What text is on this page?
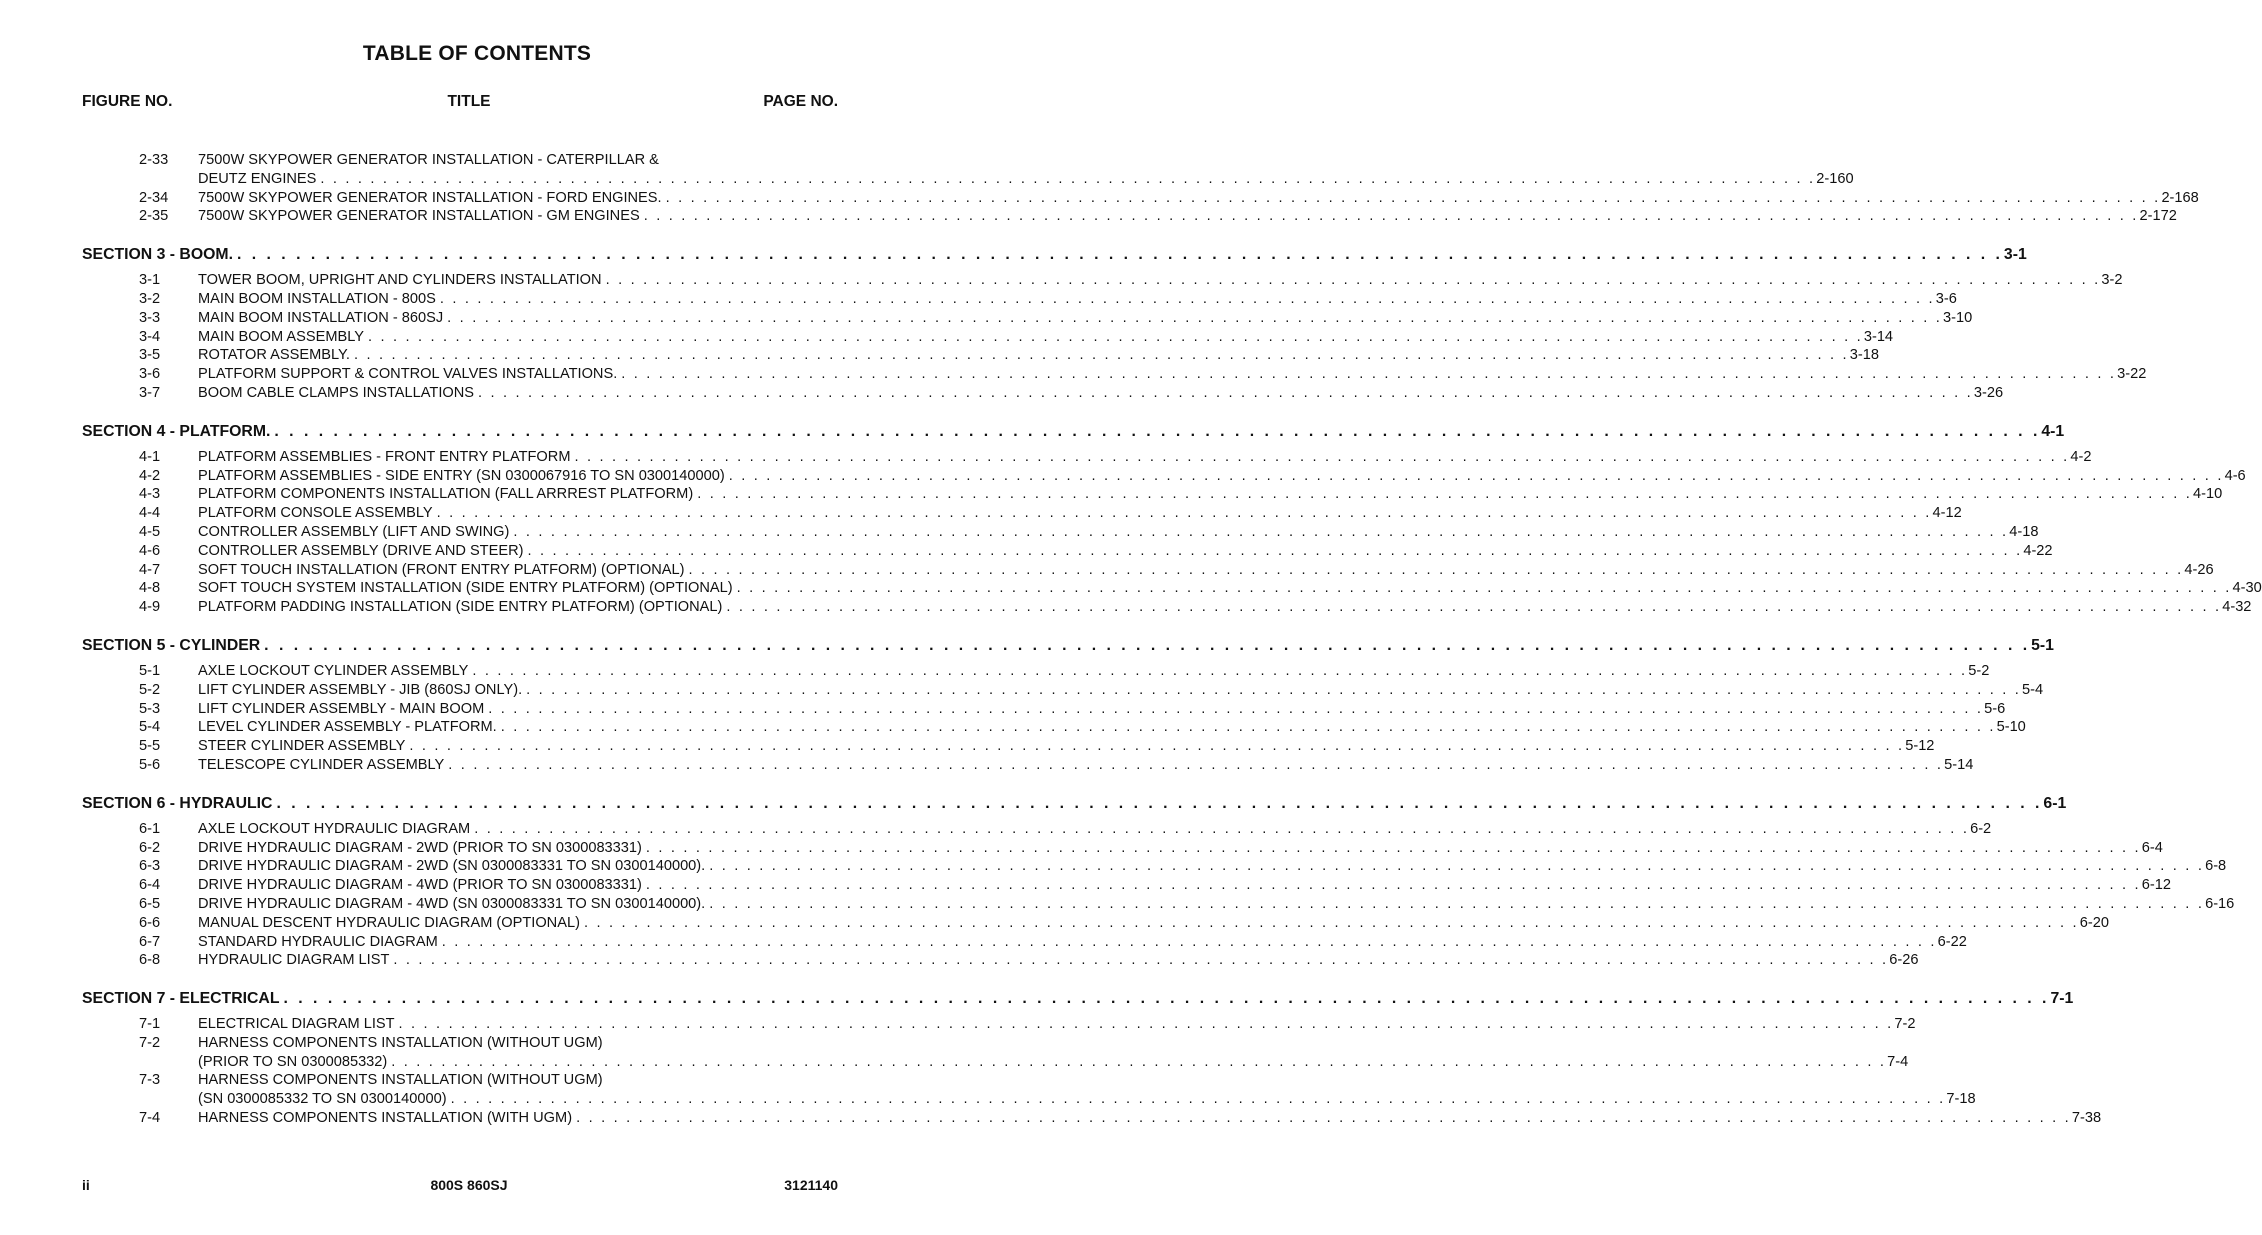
TABLE OF CONTENTS
FIGURE NO.	TITLE	PAGE NO.
2-33	7500W SKYPOWER GENERATOR INSTALLATION - CATERPILLAR &
DEUTZ ENGINES . . . . . . . . . . . . . . . . . . . . . . . . . . . . . . . . . . . . . . . . . . . . . . . . . . . . . . . . . . . . . . . . . . . . . . . . . . . . . . . . . . . . . . . . . . . . . . . . . . . . . . . . . . . . . . . . . . . . . . . . 2-160
2-34	7500W SKYPOWER GENERATOR INSTALLATION - FORD ENGINES. . . . . . . . . . . . . . . . . . . . . . . . . . . . . . . . . . . . . . . . . . . . . . . . . . . . . . . . . . . . . . . . . . . . . . . . . . . . . . . . . . . . . . . . . . . . . . . . . . . . . . . . . . . . . . . . . . . . . . . . . 2-168
2-35	7500W SKYPOWER GENERATOR INSTALLATION - GM ENGINES . . . . . . . . . . . . . . . . . . . . . . . . . . . . . . . . . . . . . . . . . . . . . . . . . . . . . . . . . . . . . . . . . . . . . . . . . . . . . . . . . . . . . . . . . . . . . . . . . . . . . . . . . . . . . . . . . . . . . . . . 2-172
SECTION 3 - BOOM. . . . . . . . . . . . . . . . . . . . . . . . . . . . . . . . . . . . . . . . . . . . . . . . . . . . . . . . . . . . . . . . . . . . . . . . . . . . . . . . . . . . . . . . . . . . . . . . . . . . . . . . . . . . . . . . . . . . . . . . . 3-1
3-1	TOWER BOOM, UPRIGHT AND CYLINDERS INSTALLATION . . . . . . . . . . . . . . . . . . . . . . . . . . . . . . . . . . . . . . . . . . . . . . . . . . . . . . . . . . . . . . . . . . . . . . . . . . . . . . . . . . . . . . . . . . . . . . . . . . . . . . . . . . . . . . . . . . . . . . . . 3-2
3-2	MAIN BOOM INSTALLATION - 800S . . . . . . . . . . . . . . . . . . . . . . . . . . . . . . . . . . . . . . . . . . . . . . . . . . . . . . . . . . . . . . . . . . . . . . . . . . . . . . . . . . . . . . . . . . . . . . . . . . . . . . . . . . . . . . . . . . . . . . . . 3-6
3-3	MAIN BOOM INSTALLATION - 860SJ . . . . . . . . . . . . . . . . . . . . . . . . . . . . . . . . . . . . . . . . . . . . . . . . . . . . . . . . . . . . . . . . . . . . . . . . . . . . . . . . . . . . . . . . . . . . . . . . . . . . . . . . . . . . . . . . . . . . . . . . 3-10
3-4	MAIN BOOM ASSEMBLY . . . . . . . . . . . . . . . . . . . . . . . . . . . . . . . . . . . . . . . . . . . . . . . . . . . . . . . . . . . . . . . . . . . . . . . . . . . . . . . . . . . . . . . . . . . . . . . . . . . . . . . . . . . . . . . . . . . . . . . . 3-14
3-5	ROTATOR ASSEMBLY. . . . . . . . . . . . . . . . . . . . . . . . . . . . . . . . . . . . . . . . . . . . . . . . . . . . . . . . . . . . . . . . . . . . . . . . . . . . . . . . . . . . . . . . . . . . . . . . . . . . . . . . . . . . . . . . . . . . . . . . . 3-18
3-6	PLATFORM SUPPORT & CONTROL VALVES INSTALLATIONS. . . . . . . . . . . . . . . . . . . . . . . . . . . . . . . . . . . . . . . . . . . . . . . . . . . . . . . . . . . . . . . . . . . . . . . . . . . . . . . . . . . . . . . . . . . . . . . . . . . . . . . . . . . . . . . . . . . . . . . . . 3-22
3-7	BOOM CABLE CLAMPS INSTALLATIONS . . . . . . . . . . . . . . . . . . . . . . . . . . . . . . . . . . . . . . . . . . . . . . . . . . . . . . . . . . . . . . . . . . . . . . . . . . . . . . . . . . . . . . . . . . . . . . . . . . . . . . . . . . . . . . . . . . . . . . . . 3-26
SECTION 4 - PLATFORM. . . . . . . . . . . . . . . . . . . . . . . . . . . . . . . . . . . . . . . . . . . . . . . . . . . . . . . . . . . . . . . . . . . . . . . . . . . . . . . . . . . . . . . . . . . . . . . . . . . . . . . . . . . . . . . . . . . . . . . . . 4-1
4-1	PLATFORM ASSEMBLIES - FRONT ENTRY PLATFORM . . . . . . . . . . . . . . . . . . . . . . . . . . . . . . . . . . . . . . . . . . . . . . . . . . . . . . . . . . . . . . . . . . . . . . . . . . . . . . . . . . . . . . . . . . . . . . . . . . . . . . . . . . . . . . . . . . . . . . . . 4-2
4-2	PLATFORM ASSEMBLIES - SIDE ENTRY (SN 0300067916 TO SN 0300140000) . . . . . . . . . . . . . . . . . . . . . . . . . . . . . . . . . . . . . . . . . . . . . . . . . . . . . . . . . . . . . . . . . . . . . . . . . . . . . . . . . . . . . . . . . . . . . . . . . . . . . . . . . . . . . . . . . . . . . . . . 4-6
4-3	PLATFORM COMPONENTS INSTALLATION (FALL ARRREST PLATFORM) . . . . . . . . . . . . . . . . . . . . . . . . . . . . . . . . . . . . . . . . . . . . . . . . . . . . . . . . . . . . . . . . . . . . . . . . . . . . . . . . . . . . . . . . . . . . . . . . . . . . . . . . . . . . . . . . . . . . . . . . 4-10
4-4	PLATFORM CONSOLE ASSEMBLY . . . . . . . . . . . . . . . . . . . . . . . . . . . . . . . . . . . . . . . . . . . . . . . . . . . . . . . . . . . . . . . . . . . . . . . . . . . . . . . . . . . . . . . . . . . . . . . . . . . . . . . . . . . . . . . . . . . . . . . . 4-12
4-5	CONTROLLER ASSEMBLY (LIFT AND SWING) . . . . . . . . . . . . . . . . . . . . . . . . . . . . . . . . . . . . . . . . . . . . . . . . . . . . . . . . . . . . . . . . . . . . . . . . . . . . . . . . . . . . . . . . . . . . . . . . . . . . . . . . . . . . . . . . . . . . . . . . 4-18
4-6	CONTROLLER ASSEMBLY (DRIVE AND STEER) . . . . . . . . . . . . . . . . . . . . . . . . . . . . . . . . . . . . . . . . . . . . . . . . . . . . . . . . . . . . . . . . . . . . . . . . . . . . . . . . . . . . . . . . . . . . . . . . . . . . . . . . . . . . . . . . . . . . . . . . 4-22
4-7	SOFT TOUCH INSTALLATION (FRONT ENTRY PLATFORM) (OPTIONAL) . . . . . . . . . . . . . . . . . . . . . . . . . . . . . . . . . . . . . . . . . . . . . . . . . . . . . . . . . . . . . . . . . . . . . . . . . . . . . . . . . . . . . . . . . . . . . . . . . . . . . . . . . . . . . . . . . . . . . . . . 4-26
4-8	SOFT TOUCH SYSTEM INSTALLATION (SIDE ENTRY PLATFORM) (OPTIONAL) . . . . . . . . . . . . . . . . . . . . . . . . . . . . . . . . . . . . . . . . . . . . . . . . . . . . . . . . . . . . . . . . . . . . . . . . . . . . . . . . . . . . . . . . . . . . . . . . . . . . . . . . . . . . . . . . . . . . . . . . 4-30
4-9	PLATFORM PADDING INSTALLATION (SIDE ENTRY PLATFORM) (OPTIONAL) . . . . . . . . . . . . . . . . . . . . . . . . . . . . . . . . . . . . . . . . . . . . . . . . . . . . . . . . . . . . . . . . . . . . . . . . . . . . . . . . . . . . . . . . . . . . . . . . . . . . . . . . . . . . . . . . . . . . . . . . 4-32
SECTION 5 - CYLINDER . . . . . . . . . . . . . . . . . . . . . . . . . . . . . . . . . . . . . . . . . . . . . . . . . . . . . . . . . . . . . . . . . . . . . . . . . . . . . . . . . . . . . . . . . . . . . . . . . . . . . . . . . . . . . . . . . . . . . . . . 5-1
5-1	AXLE LOCKOUT CYLINDER ASSEMBLY . . . . . . . . . . . . . . . . . . . . . . . . . . . . . . . . . . . . . . . . . . . . . . . . . . . . . . . . . . . . . . . . . . . . . . . . . . . . . . . . . . . . . . . . . . . . . . . . . . . . . . . . . . . . . . . . . . . . . . . . 5-2
5-2	LIFT CYLINDER ASSEMBLY - JIB (860SJ ONLY). . . . . . . . . . . . . . . . . . . . . . . . . . . . . . . . . . . . . . . . . . . . . . . . . . . . . . . . . . . . . . . . . . . . . . . . . . . . . . . . . . . . . . . . . . . . . . . . . . . . . . . . . . . . . . . . . . . . . . . . . 5-4
5-3	LIFT CYLINDER ASSEMBLY - MAIN BOOM . . . . . . . . . . . . . . . . . . . . . . . . . . . . . . . . . . . . . . . . . . . . . . . . . . . . . . . . . . . . . . . . . . . . . . . . . . . . . . . . . . . . . . . . . . . . . . . . . . . . . . . . . . . . . . . . . . . . . . . . 5-6
5-4	LEVEL CYLINDER ASSEMBLY - PLATFORM. . . . . . . . . . . . . . . . . . . . . . . . . . . . . . . . . . . . . . . . . . . . . . . . . . . . . . . . . . . . . . . . . . . . . . . . . . . . . . . . . . . . . . . . . . . . . . . . . . . . . . . . . . . . . . . . . . . . . . . . . 5-10
5-5	STEER CYLINDER ASSEMBLY . . . . . . . . . . . . . . . . . . . . . . . . . . . . . . . . . . . . . . . . . . . . . . . . . . . . . . . . . . . . . . . . . . . . . . . . . . . . . . . . . . . . . . . . . . . . . . . . . . . . . . . . . . . . . . . . . . . . . . . . 5-12
5-6	TELESCOPE CYLINDER ASSEMBLY . . . . . . . . . . . . . . . . . . . . . . . . . . . . . . . . . . . . . . . . . . . . . . . . . . . . . . . . . . . . . . . . . . . . . . . . . . . . . . . . . . . . . . . . . . . . . . . . . . . . . . . . . . . . . . . . . . . . . . . . 5-14
SECTION 6 - HYDRAULIC . . . . . . . . . . . . . . . . . . . . . . . . . . . . . . . . . . . . . . . . . . . . . . . . . . . . . . . . . . . . . . . . . . . . . . . . . . . . . . . . . . . . . . . . . . . . . . . . . . . . . . . . . . . . . . . . . . . . . . . . 6-1
6-1	AXLE LOCKOUT HYDRAULIC DIAGRAM . . . . . . . . . . . . . . . . . . . . . . . . . . . . . . . . . . . . . . . . . . . . . . . . . . . . . . . . . . . . . . . . . . . . . . . . . . . . . . . . . . . . . . . . . . . . . . . . . . . . . . . . . . . . . . . . . . . . . . . . 6-2
6-2	DRIVE HYDRAULIC DIAGRAM - 2WD (PRIOR TO SN 0300083331) . . . . . . . . . . . . . . . . . . . . . . . . . . . . . . . . . . . . . . . . . . . . . . . . . . . . . . . . . . . . . . . . . . . . . . . . . . . . . . . . . . . . . . . . . . . . . . . . . . . . . . . . . . . . . . . . . . . . . . . . 6-4
6-3	DRIVE HYDRAULIC DIAGRAM - 2WD (SN 0300083331 TO SN 0300140000). . . . . . . . . . . . . . . . . . . . . . . . . . . . . . . . . . . . . . . . . . . . . . . . . . . . . . . . . . . . . . . . . . . . . . . . . . . . . . . . . . . . . . . . . . . . . . . . . . . . . . . . . . . . . . . . . . . . . . . . . 6-8
6-4	DRIVE HYDRAULIC DIAGRAM - 4WD (PRIOR TO SN 0300083331) . . . . . . . . . . . . . . . . . . . . . . . . . . . . . . . . . . . . . . . . . . . . . . . . . . . . . . . . . . . . . . . . . . . . . . . . . . . . . . . . . . . . . . . . . . . . . . . . . . . . . . . . . . . . . . . . . . . . . . . . 6-12
6-5	DRIVE HYDRAULIC DIAGRAM - 4WD (SN 0300083331 TO SN 0300140000). . . . . . . . . . . . . . . . . . . . . . . . . . . . . . . . . . . . . . . . . . . . . . . . . . . . . . . . . . . . . . . . . . . . . . . . . . . . . . . . . . . . . . . . . . . . . . . . . . . . . . . . . . . . . . . . . . . . . . . . . 6-16
6-6	MANUAL DESCENT HYDRAULIC DIAGRAM (OPTIONAL) . . . . . . . . . . . . . . . . . . . . . . . . . . . . . . . . . . . . . . . . . . . . . . . . . . . . . . . . . . . . . . . . . . . . . . . . . . . . . . . . . . . . . . . . . . . . . . . . . . . . . . . . . . . . . . . . . . . . . . . . 6-20
6-7	STANDARD HYDRAULIC DIAGRAM . . . . . . . . . . . . . . . . . . . . . . . . . . . . . . . . . . . . . . . . . . . . . . . . . . . . . . . . . . . . . . . . . . . . . . . . . . . . . . . . . . . . . . . . . . . . . . . . . . . . . . . . . . . . . . . . . . . . . . . . 6-22
6-8	HYDRAULIC DIAGRAM LIST . . . . . . . . . . . . . . . . . . . . . . . . . . . . . . . . . . . . . . . . . . . . . . . . . . . . . . . . . . . . . . . . . . . . . . . . . . . . . . . . . . . . . . . . . . . . . . . . . . . . . . . . . . . . . . . . . . . . . . . . 6-26
SECTION 7 - ELECTRICAL . . . . . . . . . . . . . . . . . . . . . . . . . . . . . . . . . . . . . . . . . . . . . . . . . . . . . . . . . . . . . . . . . . . . . . . . . . . . . . . . . . . . . . . . . . . . . . . . . . . . . . . . . . . . . . . . . . . . . . . . 7-1
7-1	ELECTRICAL DIAGRAM LIST . . . . . . . . . . . . . . . . . . . . . . . . . . . . . . . . . . . . . . . . . . . . . . . . . . . . . . . . . . . . . . . . . . . . . . . . . . . . . . . . . . . . . . . . . . . . . . . . . . . . . . . . . . . . . . . . . . . . . . . . 7-2
7-2	HARNESS COMPONENTS INSTALLATION (WITHOUT UGM)
(PRIOR TO SN 0300085332) . . . . . . . . . . . . . . . . . . . . . . . . . . . . . . . . . . . . . . . . . . . . . . . . . . . . . . . . . . . . . . . . . . . . . . . . . . . . . . . . . . . . . . . . . . . . . . . . . . . . . . . . . . . . . . . . . . . . . . . . 7-4
7-3	HARNESS COMPONENTS INSTALLATION (WITHOUT UGM)
(SN 0300085332 TO SN 0300140000) . . . . . . . . . . . . . . . . . . . . . . . . . . . . . . . . . . . . . . . . . . . . . . . . . . . . . . . . . . . . . . . . . . . . . . . . . . . . . . . . . . . . . . . . . . . . . . . . . . . . . . . . . . . . . . . . . . . . . . . . 7-18
7-4	HARNESS COMPONENTS INSTALLATION (WITH UGM) . . . . . . . . . . . . . . . . . . . . . . . . . . . . . . . . . . . . . . . . . . . . . . . . . . . . . . . . . . . . . . . . . . . . . . . . . . . . . . . . . . . . . . . . . . . . . . . . . . . . . . . . . . . . . . . . . . . . . . . . 7-38
ii	800S 860SJ	3121140
